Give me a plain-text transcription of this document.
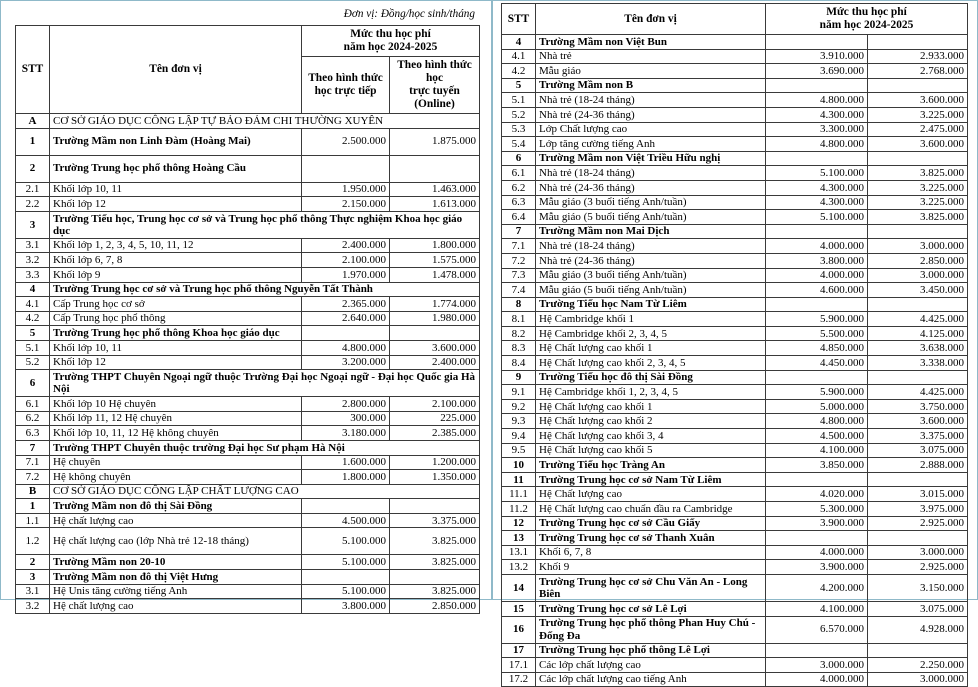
Đơn vị: Đồng/học sinh/tháng
STT	Tên đơn vị	Mức thu học phí
năm học 2024-2025	

Theo hình thức
học trực tiếp

Theo hình thức học
trực tuyến (Online)

A	CƠ SỞ GIÁO DỤC CÔNG LẬP TỰ BẢO ĐẢM CHI THƯỜNG XUYÊN		
1	Trường Mầm non Linh Đàm (Hoàng Mai)	2.500.000	1.875.000
2	Trường Trung học phổ thông Hoàng Cầu		
2.1	Khối lớp 10, 11	1.950.000	1.463.000
2.2	Khối lớp 12	2.150.000	1.613.000
3	Trường Tiểu học, Trung học cơ sở và Trung học phổ thông Thực nghiệm Khoa học giáo dục		
3.1	Khối lớp 1, 2, 3, 4, 5, 10, 11, 12	2.400.000	1.800.000
3.2	Khối lớp 6, 7, 8	2.100.000	1.575.000
3.3	Khối lớp 9	1.970.000	1.478.000
4	Trường Trung học cơ sở và Trung học phổ thông Nguyễn Tất Thành		
4.1	Cấp Trung học cơ sở	2.365.000	1.774.000
4.2	Cấp Trung học phổ thông	2.640.000	1.980.000
5	Trường Trung học phổ thông Khoa học giáo dục		
5.1	Khối lớp 10, 11	4.800.000	3.600.000
5.2	Khối lớp 12	3.200.000	2.400.000
6	Trường THPT Chuyên Ngoại ngữ thuộc Trường Đại học Ngoại ngữ - Đại học Quốc gia Hà Nội		
6.1	Khối lớp 10 Hệ chuyên	2.800.000	2.100.000
6.2	Khối lớp 11, 12 Hệ chuyên	300.000	225.000
6.3	Khối lớp 10, 11, 12 Hệ không chuyên	3.180.000	2.385.000
7	Trường THPT Chuyên thuộc trường Đại học Sư phạm Hà Nội		
7.1	Hệ chuyên	1.600.000	1.200.000
7.2	Hệ không chuyên	1.800.000	1.350.000
B	CƠ SỞ GIÁO DỤC CÔNG LẬP CHẤT LƯỢNG CAO		
1	Trường Mầm non đô thị Sài Đồng		
1.1	Hệ chất lượng cao	4.500.000	3.375.000
1.2	Hệ chất lượng cao (lớp Nhà trẻ 12-18 tháng)	5.100.000	3.825.000
2	Trường Mầm non 20-10	5.100.000	3.825.000
3	Trường Mầm non đô thị Việt Hưng		
3.1	Hệ Unis tăng cường tiếng Anh	5.100.000	3.825.000
3.2	Hệ chất lượng cao	3.800.000	2.850.000
STT	Tên đơn vị	Mức thu học phí
năm học 2024-2025	

4	Trường Mầm non Việt Bun		
4.1	Nhà trẻ	3.910.000	2.933.000
4.2	Mẫu giáo	3.690.000	2.768.000
5	Trường Mầm non B		
5.1	Nhà trẻ (18-24 tháng)	4.800.000	3.600.000
5.2	Nhà trẻ (24-36 tháng)	4.300.000	3.225.000
5.3	Lớp Chất lượng cao	3.300.000	2.475.000
5.4	Lớp tăng cường tiếng Anh	4.800.000	3.600.000
6	Trường Mầm non Việt Triều Hữu nghị		
6.1	Nhà trẻ (18-24 tháng)	5.100.000	3.825.000
6.2	Nhà trẻ (24-36 tháng)	4.300.000	3.225.000
6.3	Mẫu giáo (3 buổi tiếng Anh/tuần)	4.300.000	3.225.000
6.4	Mẫu giáo (5 buổi tiếng Anh/tuần)	5.100.000	3.825.000
7	Trường Mầm non Mai Dịch		
7.1	Nhà trẻ (18-24 tháng)	4.000.000	3.000.000
7.2	Nhà trẻ (24-36 tháng)	3.800.000	2.850.000
7.3	Mẫu giáo (3 buổi tiếng Anh/tuần)	4.000.000	3.000.000
7.4	Mẫu giáo (5 buổi tiếng Anh/tuần)	4.600.000	3.450.000
8	Trường Tiểu học Nam Từ Liêm		
8.1	Hệ Cambridge khối 1	5.900.000	4.425.000
8.2	Hệ Cambridge khối 2, 3, 4, 5	5.500.000	4.125.000
8.3	Hệ Chất lượng cao khối 1	4.850.000	3.638.000
8.4	Hệ Chất lượng cao khối 2, 3, 4, 5	4.450.000	3.338.000
9	Trường Tiểu học đô thị Sài Đồng		
9.1	Hệ Cambridge khối 1, 2, 3, 4, 5	5.900.000	4.425.000
9.2	Hệ Chất lượng cao khối 1	5.000.000	3.750.000
9.3	Hệ Chất lượng cao khối 2	4.800.000	3.600.000
9.4	Hệ Chất lượng cao khối 3, 4	4.500.000	3.375.000
9.5	Hệ Chất lượng cao khối 5	4.100.000	3.075.000
10	Trường Tiểu học Tràng An	3.850.000	2.888.000
11	Trường Trung học cơ sở Nam Từ Liêm		
11.1	Hệ Chất lượng cao	4.020.000	3.015.000
11.2	Hệ Chất lượng cao chuẩn đầu ra Cambridge	5.300.000	3.975.000
12	Trường Trung học cơ sở Cầu Giấy	3.900.000	2.925.000
13	Trường Trung học cơ sở Thanh Xuân		
13.1	Khối 6, 7, 8	4.000.000	3.000.000
13.2	Khối 9	3.900.000	2.925.000
14	Trường Trung học cơ sở Chu Văn An - Long Biên	4.200.000	3.150.000
15	Trường Trung học cơ sở Lê Lợi	4.100.000	3.075.000
16	Trường Trung học phổ thông Phan Huy Chú - Đống Đa	6.570.000	4.928.000
17	Trường Trung học phổ thông Lê Lợi		
17.1	Các lớp chất lượng cao	3.000.000	2.250.000
17.2	Các lớp chất lượng cao tiếng Anh	4.000.000	3.000.000
